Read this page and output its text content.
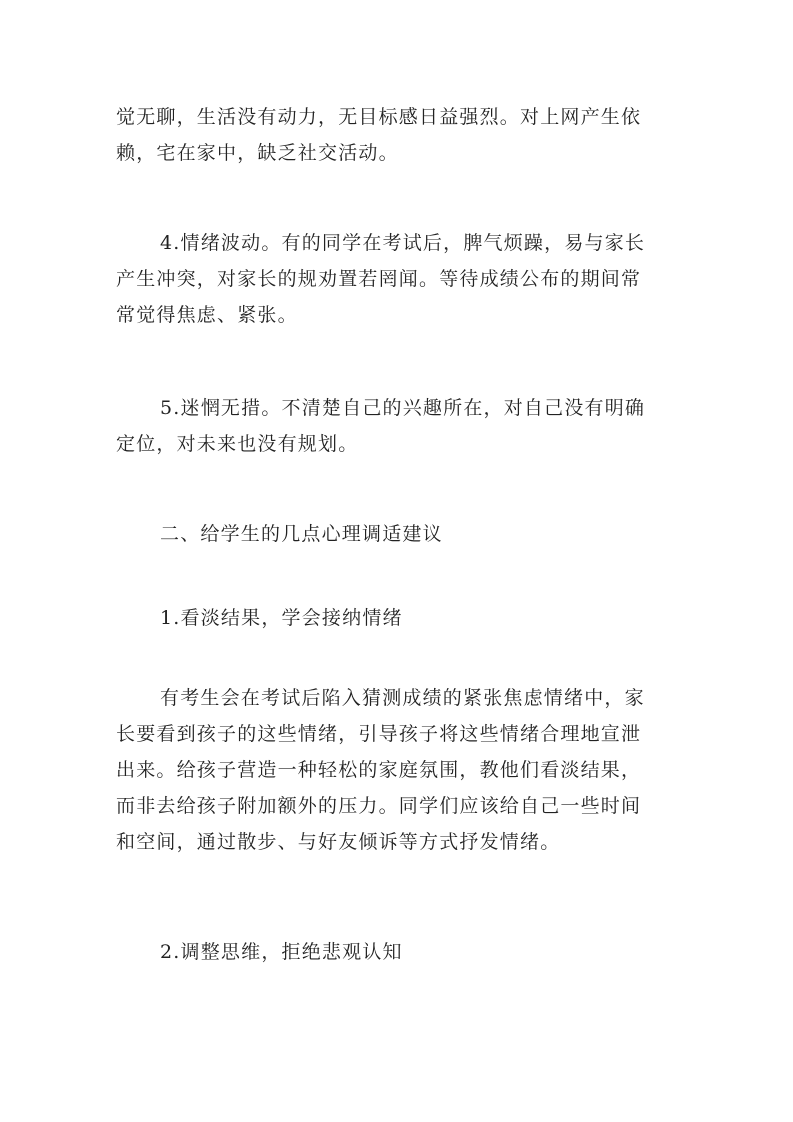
觉无聊，生活没有动力，无目标感日益强烈。对上网产生依
赖，宅在家中，缺乏社交活动。

4.情绪波动。有的同学在考试后，脾气烦躁，易与家长
产生冲突，对家长的规劝置若罔闻。等待成绩公布的期间常
常觉得焦虑、紧张。

5.迷惘无措。不清楚自己的兴趣所在，对自己没有明确
定位，对未来也没有规划。

二、给学生的几点心理调适建议

1.看淡结果，学会接纳情绪

有考生会在考试后陷入猜测成绩的紧张焦虑情绪中，家
长要看到孩子的这些情绪，引导孩子将这些情绪合理地宣泄
出来。给孩子营造一种轻松的家庭氛围，教他们看淡结果，
而非去给孩子附加额外的压力。同学们应该给自己一些时间
和空间，通过散步、与好友倾诉等方式抒发情绪。

2.调整思维，拒绝悲观认知
